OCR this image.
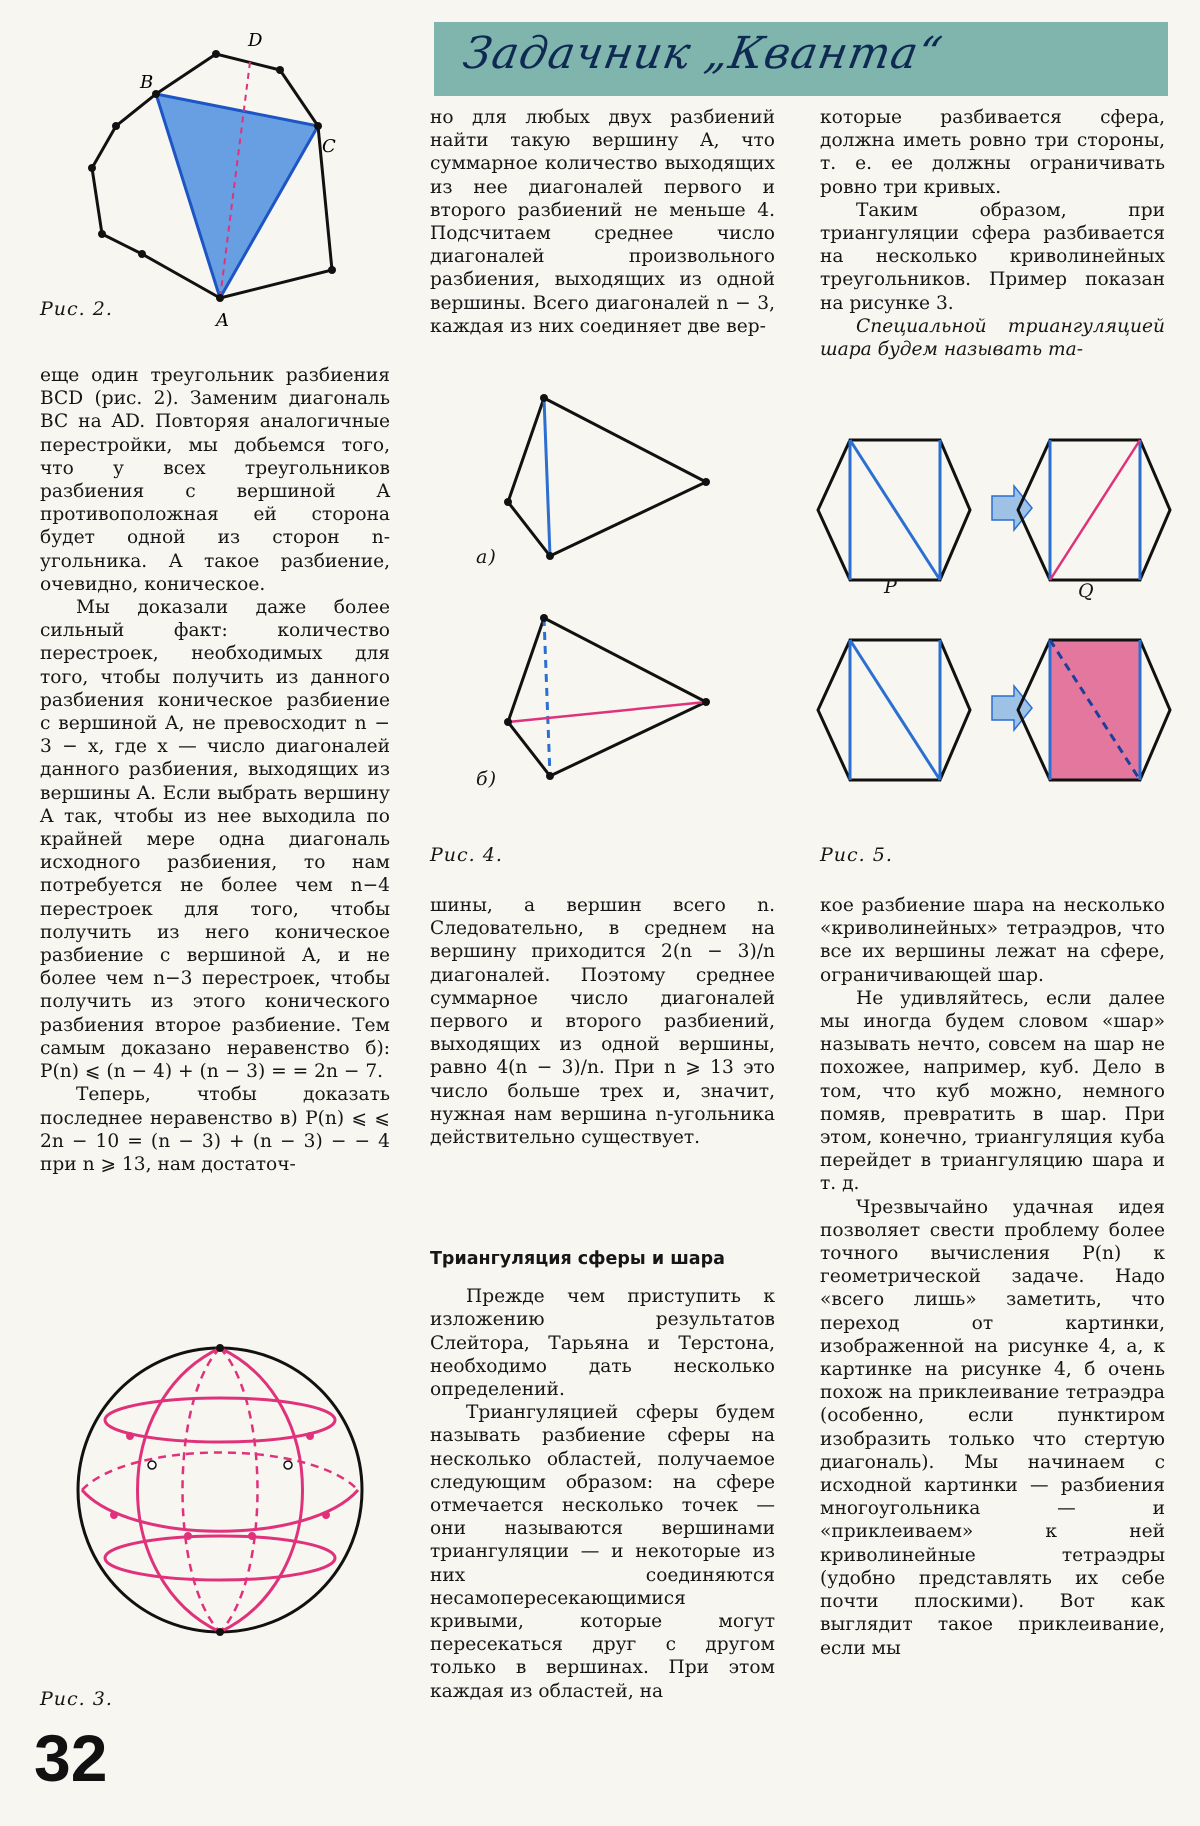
Задачник „Кванта“
B
D
C
A
Рис. 2.

еще один треугольник разбиения BCD (рис. 2). Заменим диагональ BC на AD. Повторяя аналогичные перестройки, мы добьемся того, что у всех треугольников разбиения с вершиной A противоположная ей сторона будет одной из сторон n-угольника. А такое разбиение, очевидно, коническое.

Мы доказали даже более сильный факт: количество перестроек, необходимых для того, чтобы получить из данного разбиения коническое разбиение с вершиной A, не превосходит n − 3 − x, где x — число диагоналей данного разбиения, выходящих из вершины A. Если выбрать вершину A так, чтобы из нее выходила по крайней мере одна диагональ исходного разбиения, то нам потребуется не более чем n−4 перестроек для того, чтобы получить из него коническое разбиение с вершиной A, и не более чем n−3 перестроек, чтобы получить из этого конического разбиения второе разбиение. Тем самым доказано неравенство б): P(n) ⩽ (n − 4) + (n − 3) = = 2n − 7.

Теперь, чтобы доказать последнее неравенство в) P(n) ⩽ ⩽ 2n − 10 = (n − 3) + (n − 3) − − 4 при n ⩾ 13, нам достаточ-

Рис. 3.
32

но для любых двух разбиений найти такую вершину A, что суммарное количество выходящих из нее диагоналей первого и второго разбиений не меньше 4. Подсчитаем среднее число диагоналей произвольного разбиения, выходящих из одной вершины. Всего диагоналей n − 3, каждая из них соединяет две вер-

а)
б)
Рис. 4.
P	Q
Рис. 5.

шины, а вершин всего n. Следовательно, в среднем на вершину приходится 2(n − 3)/n диагоналей. Поэтому среднее суммарное число диагоналей первого и второго разбиений, выходящих из одной вершины, равно 4(n − 3)/n. При n ⩾ 13 это число больше трех и, значит, нужная нам вершина n-угольника действительно существует.

Триангуляция сферы и шара

Прежде чем приступить к изложению результатов Слейтора, Тарьяна и Терстона, необходимо дать несколько определений.

Триангуляцией сферы будем называть разбиение сферы на несколько областей, получаемое следующим образом: на сфере отмечается несколько точек — они называются вершинами триангуляции — и некоторые из них соединяются несамопересекающимися кривыми, которые могут пересекаться друг с другом только в вершинах. При этом каждая из областей, на

которые разбивается сфера, должна иметь ровно три стороны, т. е. ее должны ограничивать ровно три кривых.

Таким образом, при триангуляции сфера разбивается на несколько криволинейных треугольников. Пример показан на рисунке 3.

Специальной триангуляцией шара будем называть та-

кое разбиение шара на несколько «криволинейных» тетраэдров, что все их вершины лежат на сфере, ограничивающей шар.

Не удивляйтесь, если далее мы иногда будем словом «шар» называть нечто, совсем на шар не похожее, например, куб. Дело в том, что куб можно, немного помяв, превратить в шар. При этом, конечно, триангуляция куба перейдет в триангуляцию шара и т. д.

Чрезвычайно удачная идея позволяет свести проблему более точного вычисления P(n) к геометрической задаче. Надо «всего лишь» заметить, что переход от картинки, изображенной на рисунке 4, а, к картинке на рисунке 4, б очень похож на приклеивание тетраэдра (особенно, если пунктиром изобразить только что стертую диагональ). Мы начинаем с исходной картинки — разбиения многоугольника — и «приклеиваем» к ней криволинейные тетраэдры (удобно представлять их себе почти плоскими). Вот как выглядит такое приклеивание, если мы
